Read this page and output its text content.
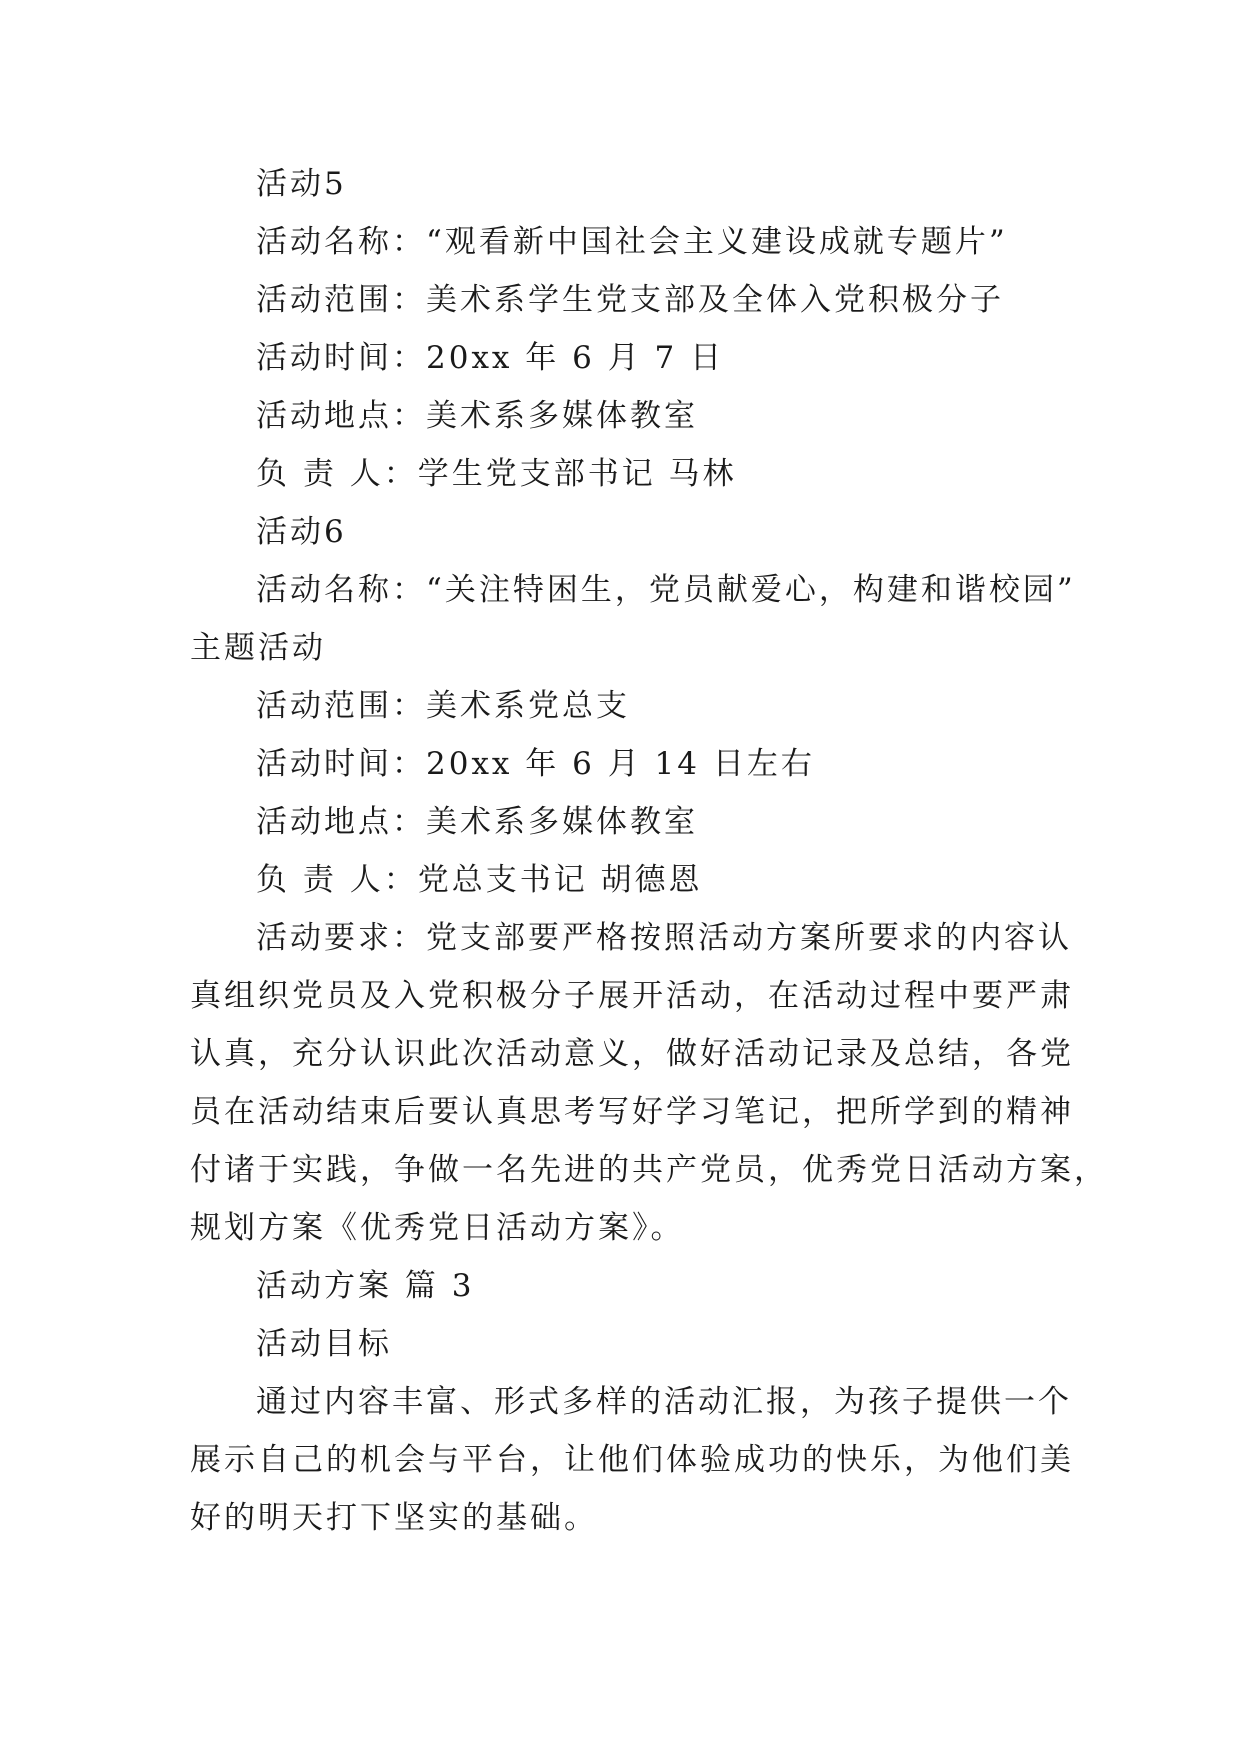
活动5
活动名称：“观看新中国社会主义建设成就专题片”
活动范围：美术系学生党支部及全体入党积极分子
活动时间：20xx 年 6 月 7 日
活动地点：美术系多媒体教室
负 责 人：学生党支部书记 马林
活动6
活动名称：“关注特困生，党员献爱心，构建和谐校园”
主题活动
活动范围：美术系党总支
活动时间：20xx 年 6 月 14 日左右
活动地点：美术系多媒体教室
负 责 人：党总支书记 胡德恩
活动要求：党支部要严格按照活动方案所要求的内容认
真组织党员及入党积极分子展开活动，在活动过程中要严肃
认真，充分认识此次活动意义，做好活动记录及总结，各党
员在活动结束后要认真思考写好学习笔记，把所学到的精神
付诸于实践，争做一名先进的共产党员，优秀党日活动方案，
规划方案《优秀党日活动方案》。
活动方案 篇 3
活动目标
通过内容丰富、形式多样的活动汇报，为孩子提供一个
展示自己的机会与平台，让他们体验成功的快乐，为他们美
好的明天打下坚实的基础。
